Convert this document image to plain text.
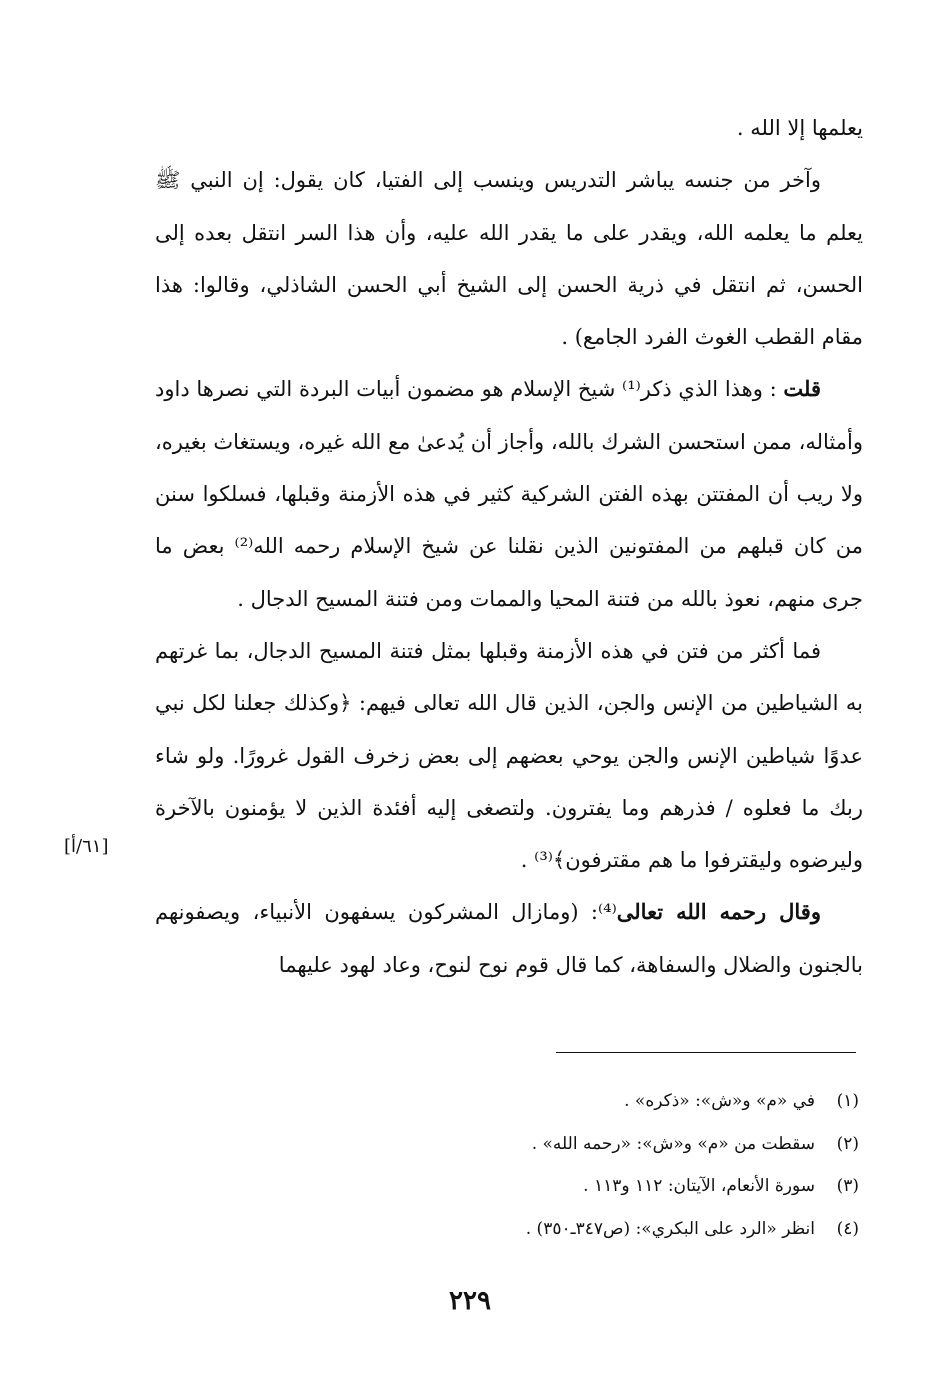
يعلمها إلا الله .

وآخر من جنسه يباشر التدريس وينسب إلى الفتيا، كان يقول: إن النبي ﷺ يعلم ما يعلمه الله، ويقدر على ما يقدر الله عليه، وأن هذا السر انتقل بعده إلى الحسن، ثم انتقل في ذرية الحسن إلى الشيخ أبي الحسن الشاذلي، وقالوا: هذا مقام القطب الغوث الفرد الجامع) .

قلت : وهذا الذي ذكر⁽¹⁾ شيخ الإسلام هو مضمون أبيات البردة التي نصرها داود وأمثاله، ممن استحسن الشرك بالله، وأجاز أن يُدعىٰ مع الله غيره، ويستغاث بغيره، ولا ريب أن المفتتن بهذه الفتن الشركية كثير في هذه الأزمنة وقبلها، فسلكوا سنن من كان قبلهم من المفتونين الذين نقلنا عن شيخ الإسلام رحمه الله⁽²⁾ بعض ما جرى منهم، نعوذ بالله من فتنة المحيا والممات ومن فتنة المسيح الدجال .

فما أكثر من فتن في هذه الأزمنة وقبلها بمثل فتنة المسيح الدجال، بما غرتهم به الشياطين من الإنس والجن، الذين قال الله تعالى فيهم: ﴿وكذلك جعلنا لكل نبي عدوًا شياطين الإنس والجن يوحي بعضهم إلى بعض زخرف القول غرورًا. ولو شاء ربك ما فعلوه / فذرهم وما يفترون. ولتصغى إليه أفئدة الذين لا يؤمنون بالآخرة وليرضوه وليقترفوا ما هم مقترفون﴾⁽³⁾ .

وقال رحمه الله تعالى⁽⁴⁾: (ومازال المشركون يسفهون الأنبياء، ويصفونهم بالجنون والضلال والسفاهة، كما قال قوم نوح لنوح، وعاد لهود عليهما

[٦١/أ]
(١)
في «م» و«ش»: «ذكره» .
(٢)
سقطت من «م» و«ش»: «رحمه الله» .
(٣)
سورة الأنعام، الآيتان: ١١٢ و١١٣ .
(٤)
انظر «الرد على البكري»: (ص٣٤٧ـ٣٥٠) .
٢٢٩
